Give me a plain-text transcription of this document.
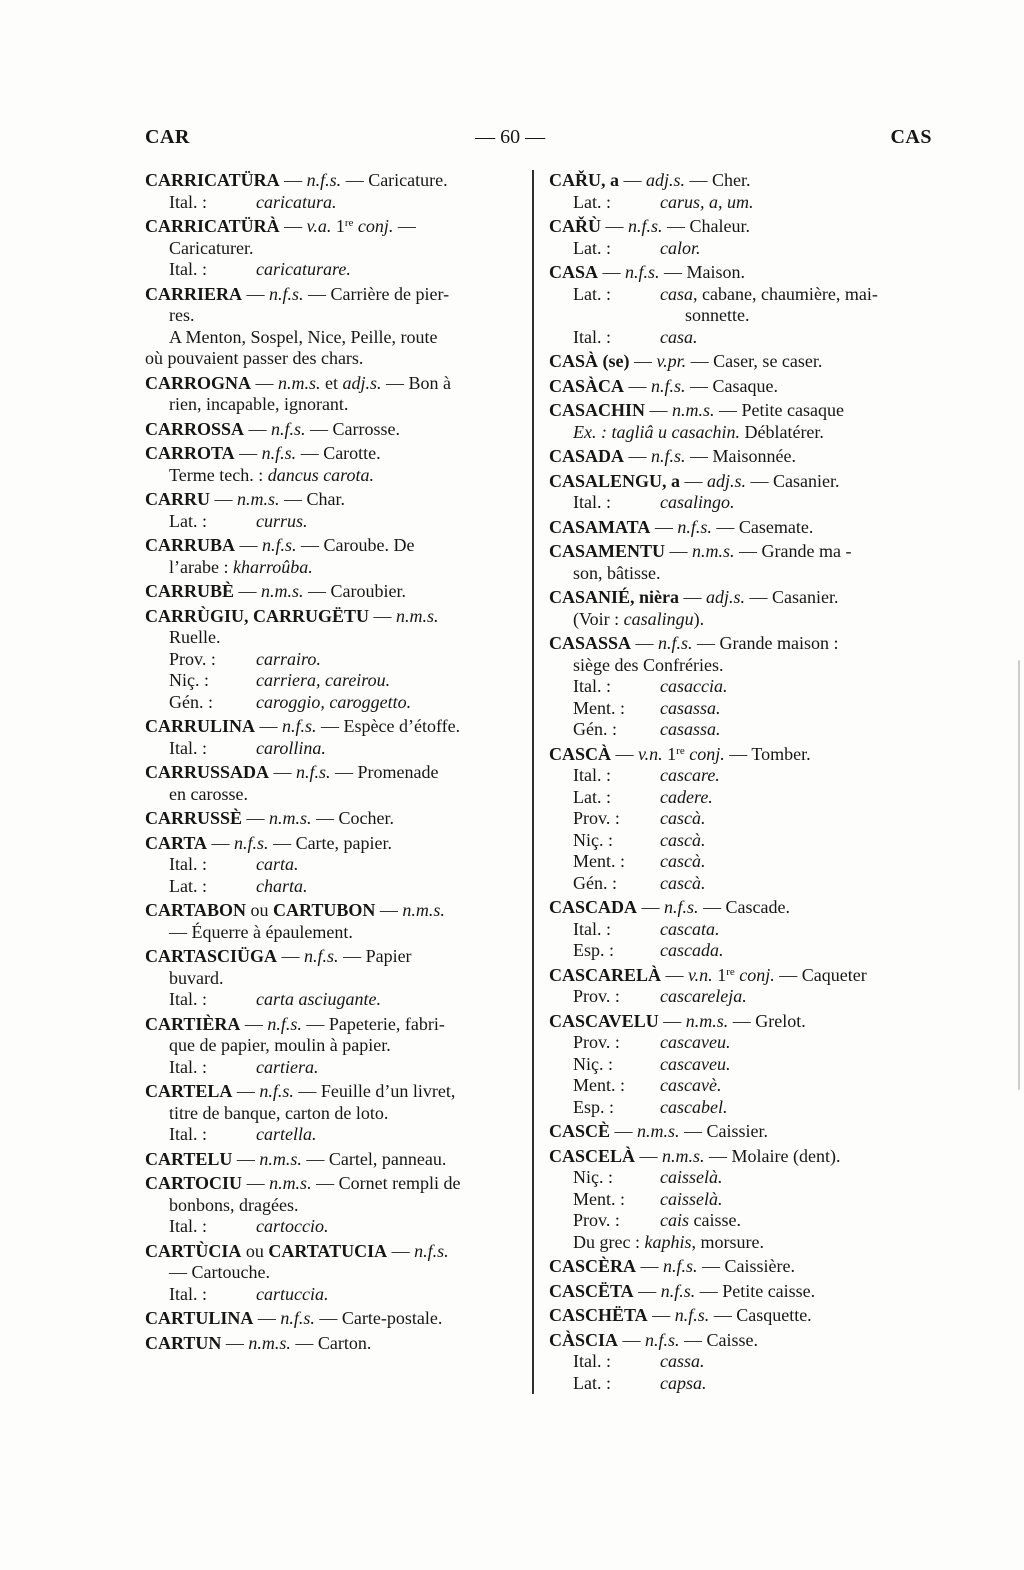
CAR	— 60 —	CAS
CARRICATÜRA — n.f.s. — Caricature.
Ital. :	caricatura.
CARRICATÜRÀ — v.a. 1re conj. —
Caricaturer.
Ital. :	caricaturare.
CARRIERA — n.f.s. — Carrière de pier-
res.
A Menton, Sospel, Nice, Peille, route
où pouvaient passer des chars.
CARROGNA — n.m.s. et adj.s. — Bon à
rien, incapable, ignorant.
CARROSSA — n.f.s. — Carrosse.
CARROTA — n.f.s. — Carotte.
Terme tech. : dancus carota.
CARRU — n.m.s. — Char.
Lat. :	currus.
CARRUBA — n.f.s. — Caroube. De
l’arabe : kharroûba.
CARRUBÈ — n.m.s. — Caroubier.
CARRÙGIU, CARRUGËTU — n.m.s.
Ruelle.
Prov. : carrairo.
Niç. :	carriera, careirou.
Gén. : caroggio, caroggetto.
CARRULINA — n.f.s. — Espèce d’étoffe.
Ital. :	carollina.
CARRUSSADA — n.f.s. — Promenade
en carosse.
CARRUSSÈ — n.m.s. — Cocher.
CARTA — n.f.s. — Carte, papier.
Ital. :	carta.
Lat. :	charta.
CARTABON ou CARTUBON — n.m.s.
— Équerre à épaulement.
CARTASCIÜGA — n.f.s. — Papier
buvard.
Ital. :	carta asciugante.
CARTIÈRA — n.f.s. — Papeterie, fabri-
que de papier, moulin à papier.
Ital. :	cartiera.
CARTELA — n.f.s. — Feuille d’un livret,
titre de banque, carton de loto.
Ital. :	cartella.
CARTELU — n.m.s. — Cartel, panneau.
CARTOCIU — n.m.s. — Cornet rempli de
bonbons, dragées.
Ital. :	cartoccio.
CARTÙCIA ou CARTATUCIA — n.f.s.
— Cartouche.
Ital. :	cartuccia.
CARTULINA — n.f.s. — Carte-postale.
CARTUN — n.m.s. — Carton.
CAŘU, a — adj.s. — Cher.
Lat. :	carus, a, um.
CAŘÙ — n.f.s. — Chaleur.
Lat. :	calor.
CASA — n.f.s. — Maison.
Lat. :	casa, cabane, chaumière, mai-
sonnette.
Ital. :	casa.
CASÀ (se) — v.pr. — Caser, se caser.
CASÀCA — n.f.s. — Casaque.
CASACHIN — n.m.s. — Petite casaque
Ex. : tagliâ u casachin. Déblatérer.
CASADA — n.f.s. — Maisonnée.
CASALENGU, a — adj.s. — Casanier.
Ital. :	casalingo.
CASAMATA — n.f.s. — Casemate.
CASAMENTU — n.m.s. — Grande ma -
son, bâtisse.
CASANIÉ, nièra — adj.s. — Casanier.
(Voir : casalingu).
CASASSA — n.f.s. — Grande maison :
siège des Confréries.
Ital. :	casaccia.
Ment. : casassa.
Gén. : casassa.
CASCÀ — v.n. 1re conj. — Tomber.
Ital. :	cascare.
Lat. :	cadere.
Prov. : cascà.
Niç. :	cascà.
Ment. : cascà.
Gén. : cascà.
CASCADA — n.f.s. — Cascade.
Ital. :	cascata.
Esp. :	cascada.
CASCARELÀ — v.n. 1re conj. — Caqueter
Prov. : cascareleja.
CASCAVELU — n.m.s. — Grelot.
Prov. : cascaveu.
Niç. :	cascaveu.
Ment. : cascavè.
Esp. :	cascabel.
CASCÈ — n.m.s. — Caissier.
CASCELÀ — n.m.s. — Molaire (dent).
Niç. :	caisselà.
Ment. : caisselà.
Prov. : cais caisse.
Du grec : kaphis, morsure.
CASCÈRA — n.f.s. — Caissière.
CASCËTA — n.f.s. — Petite caisse.
CASCHËTA — n.f.s. — Casquette.
CÀSCIA — n.f.s. — Caisse.
Ital. :	cassa.
Lat. :	capsa.
